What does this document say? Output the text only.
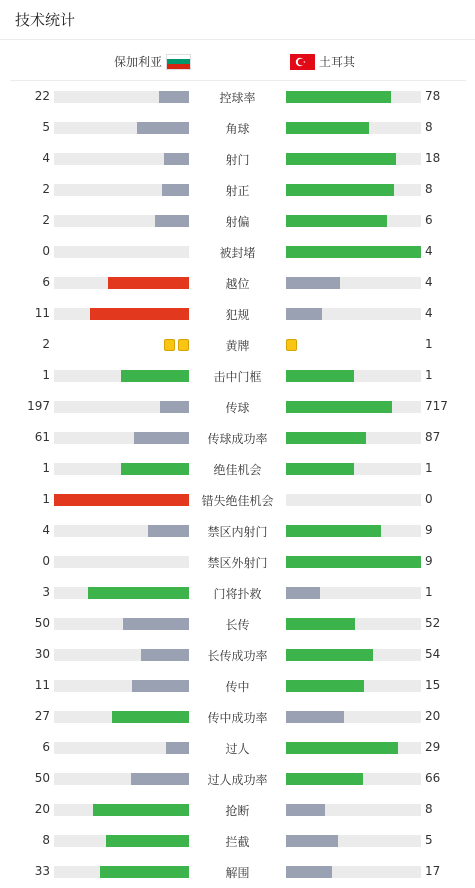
技术统计
保加利亚	土耳其
22	控球率	78
5	角球	8
4	射门	18
2	射正	8
2	射偏	6
0	被封堵	4
6	越位	4
11	犯规	4
2	黄牌	1
1	击中门框	1
197	传球	717
61	传球成功率	87
1	绝佳机会	1
1	错失绝佳机会	0
4	禁区内射门	9
0	禁区外射门	9
3	门将扑救	1
50	长传	52
30	长传成功率	54
11	传中	15
27	传中成功率	20
6	过人	29
50	过人成功率	66
20	抢断	8
8	拦截	5
33	解围	17
